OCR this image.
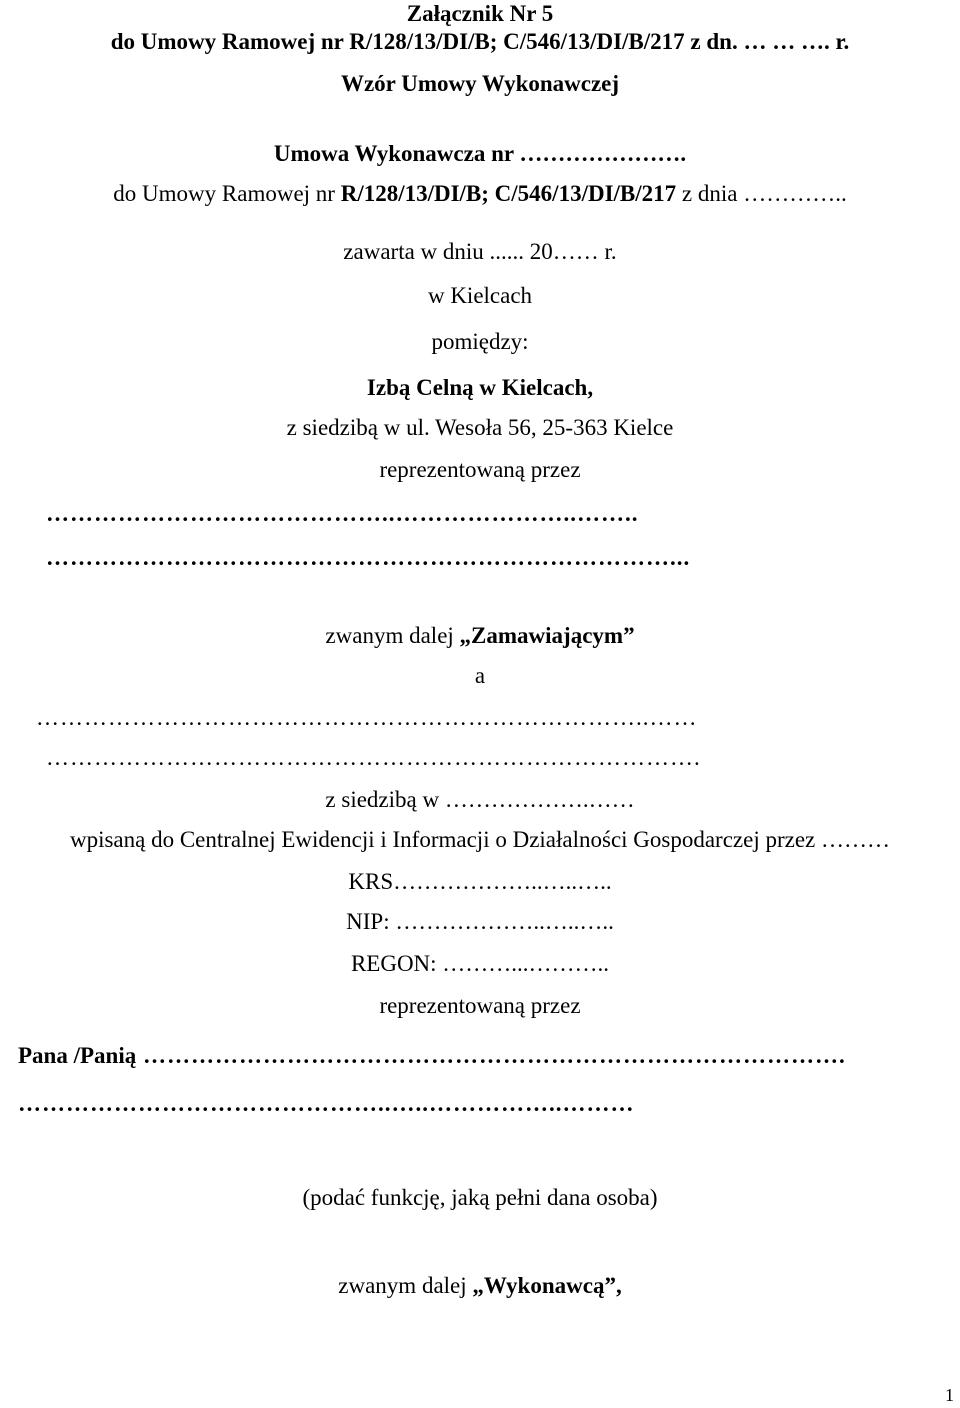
Załącznik Nr 5
do Umowy Ramowej nr R/128/13/DI/B; C/546/13/DI/B/217 z dn. … … …. r.
Wzór Umowy Wykonawczej
Umowa Wykonawcza nr ………………….
do Umowy Ramowej nr R/128/13/DI/B; C/546/13/DI/B/217 z dnia …………..
zawarta w dniu ...... 20…… r.
w Kielcach
pomiędzy:
Izbą Celną w Kielcach,
z siedzibą w ul. Wesoła 56, 25-363 Kielce
reprezentowaną przez
……………………………………..…………………..……..
……………………………………………………………………...
zwanym dalej „Zamawiającym”
a
…………………………………………………………………..……
……………………………………………………………………….
z siedzibą w ……………….……
wpisaną do Centralnej Ewidencji i Informacji o Działalności Gospodarczej przez ………
KRS………………..…..…..
NIP: ………………..…..…..
REGON: ………...………..
reprezentowaną przez
Pana /Panią …………………………………………………………………………….
………………………………………..…..……………..………
(podać funkcję, jaką pełni dana osoba)
zwanym dalej „Wykonawcą”,
1
